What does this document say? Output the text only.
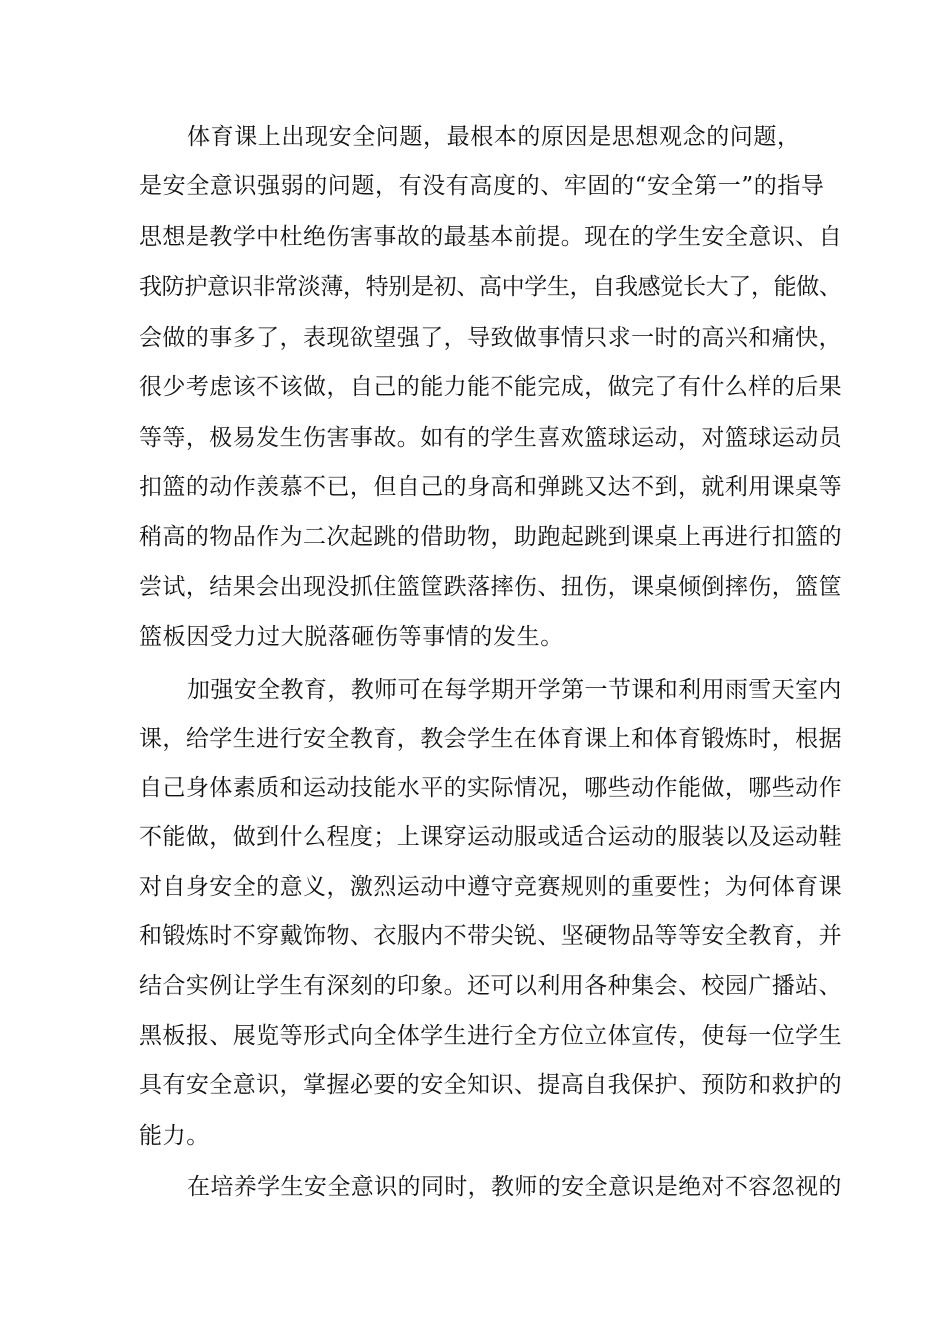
体育课上出现安全问题，最根本的原因是思想观念的问题，
是安全意识强弱的问题，有没有高度的、牢固的“安全第一”的指导
思想是教学中杜绝伤害事故的最基本前提。现在的学生安全意识、自
我防护意识非常淡薄，特别是初、高中学生，自我感觉长大了，能做、
会做的事多了，表现欲望强了，导致做事情只求一时的高兴和痛快，
很少考虑该不该做，自己的能力能不能完成，做完了有什么样的后果
等等，极易发生伤害事故。如有的学生喜欢篮球运动，对篮球运动员
扣篮的动作羡慕不已，但自己的身高和弹跳又达不到，就利用课桌等
稍高的物品作为二次起跳的借助物，助跑起跳到课桌上再进行扣篮的
尝试，结果会出现没抓住篮筐跌落摔伤、扭伤，课桌倾倒摔伤，篮筐
篮板因受力过大脱落砸伤等事情的发生。
加强安全教育，教师可在每学期开学第一节课和利用雨雪天室内
课，给学生进行安全教育，教会学生在体育课上和体育锻炼时，根据
自己身体素质和运动技能水平的实际情况，哪些动作能做，哪些动作
不能做，做到什么程度；上课穿运动服或适合运动的服装以及运动鞋
对自身安全的意义，激烈运动中遵守竞赛规则的重要性；为何体育课
和锻炼时不穿戴饰物、衣服内不带尖锐、坚硬物品等等安全教育，并
结合实例让学生有深刻的印象。还可以利用各种集会、校园广播站、
黑板报、展览等形式向全体学生进行全方位立体宣传，使每一位学生
具有安全意识，掌握必要的安全知识、提高自我保护、预防和救护的
能力。
在培养学生安全意识的同时，教师的安全意识是绝对不容忽视的
